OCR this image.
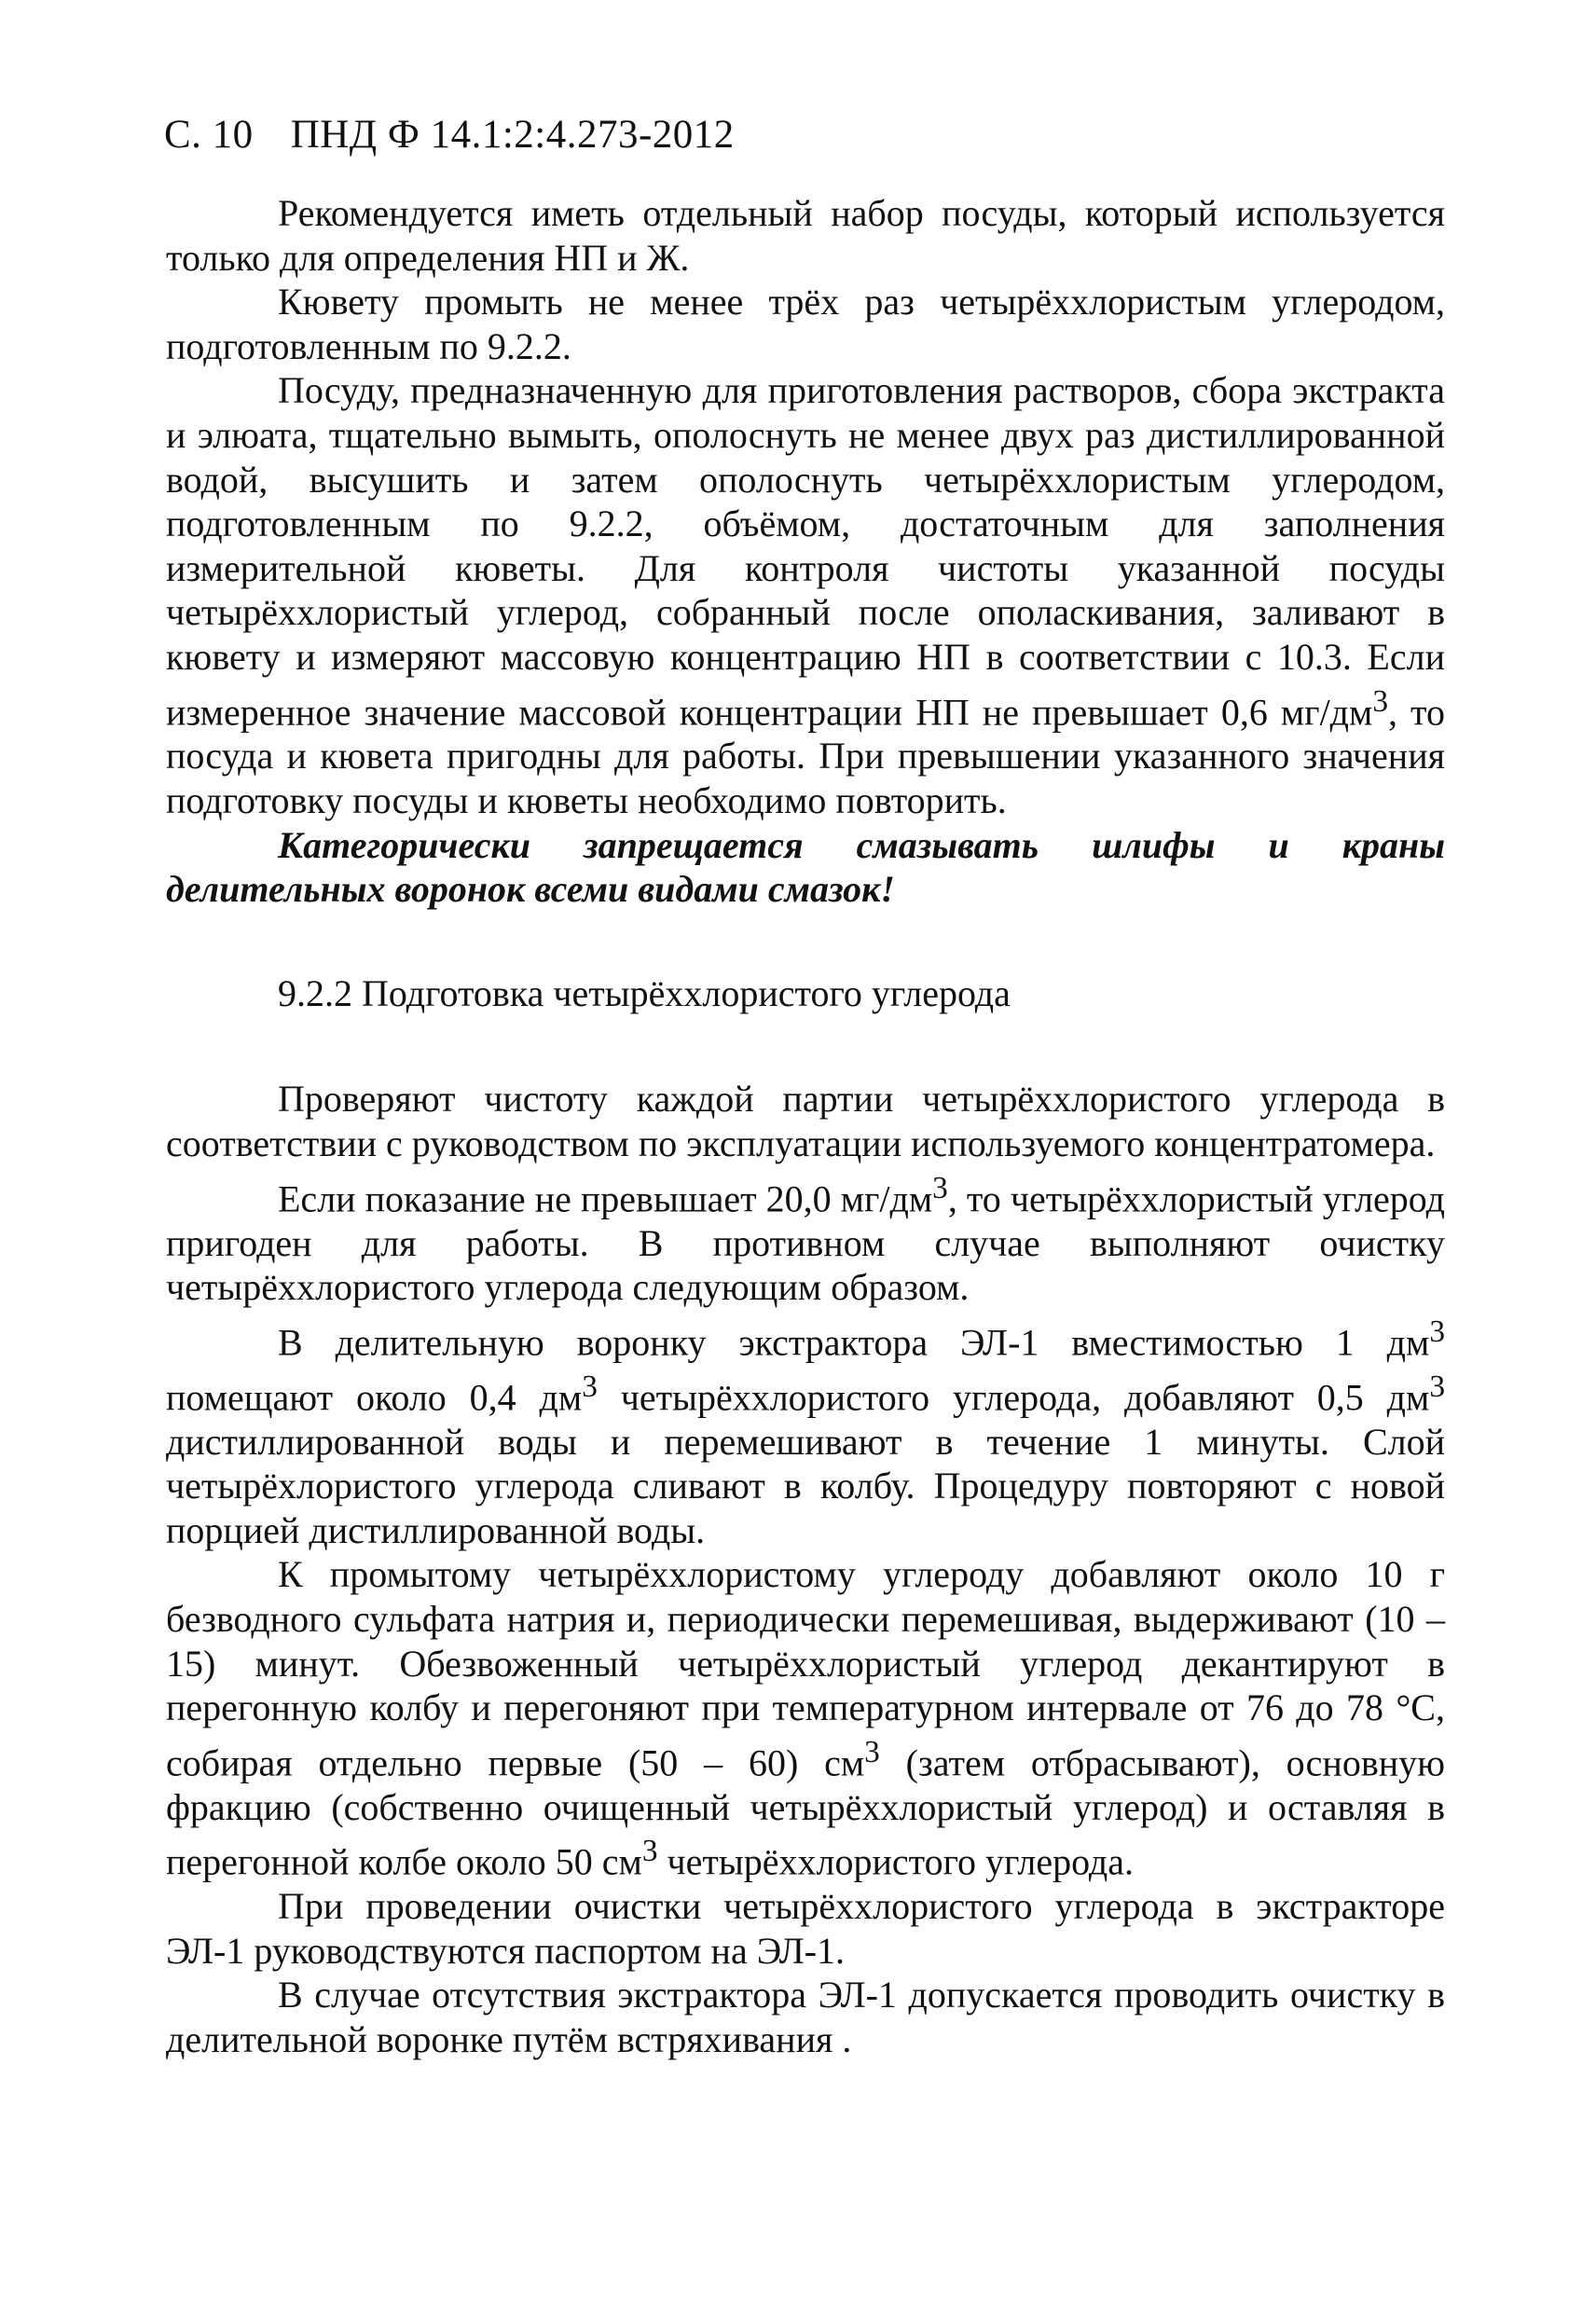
С. 10 ПНД Ф 14.1:2:4.273-2012

Рекомендуется иметь отдельный набор посуды, который используется только для определения НП и Ж.

Кювету промыть не менее трёх раз четырёххлористым углеродом, подготовленным по 9.2.2.

Посуду, предназначенную для приготовления растворов, сбора экстракта и элюата, тщательно вымыть, ополоснуть не менее двух раз дистиллированной водой, высушить и затем ополоснуть четырёххлористым углеродом, подготовленным по 9.2.2, объёмом, достаточным для заполнения измерительной кюветы. Для контроля чистоты указанной посуды четырёххлористый углерод, собранный после ополаскивания, заливают в кювету и измеряют массовую концентрацию НП в соответствии с 10.3. Если измеренное значение массовой концентрации НП не превышает 0,6 $мг/дм^3$, то посуда и кювета пригодны для работы. При превышении указанного значения подготовку посуды и кюветы необходимо повторить.

Категорически запрещается смазывать шлифы и краны делительных воронок всеми видами смазок!

9.2.2 Подготовка четырёххлористого углерода

Проверяют чистоту каждой партии четырёххлористого углерода в соответствии с руководством по эксплуатации используемого концентратомера.

Если показание не превышает 20,0 $мг/дм^3$, то четырёххлористый углерод пригоден для работы. В противном случае выполняют очистку четырёххлористого углерода следующим образом.

В делительную воронку экстрактора ЭЛ-1 вместимостью 1 $дм^3$ помещают около 0,4 $дм^3$ четырёххлористого углерода, добавляют 0,5 $дм^3$ дистиллированной воды и перемешивают в течение 1 минуты. Слой четырёхлористого углерода сливают в колбу. Процедуру повторяют с новой порцией дистиллированной воды.

К промытому четырёххлористому углероду добавляют около 10 г безводного сульфата натрия и, периодически перемешивая, выдерживают (10 – 15) минут. Обезвоженный четырёххлористый углерод декантируют в перегонную колбу и перегоняют при температурном интервале от 76 до 78 °С, собирая отдельно первые (50 – 60) $см^3$ (затем отбрасывают), основную фракцию (собственно очищенный четырёххлористый углерод) и оставляя в перегонной колбе около 50 $см^3$ четырёххлористого углерода.

При проведении очистки четырёххлористого углерода в экстракторе ЭЛ-1 руководствуются паспортом на ЭЛ-1.

В случае отсутствия экстрактора ЭЛ-1 допускается проводить очистку в делительной воронке путём встряхивания .
